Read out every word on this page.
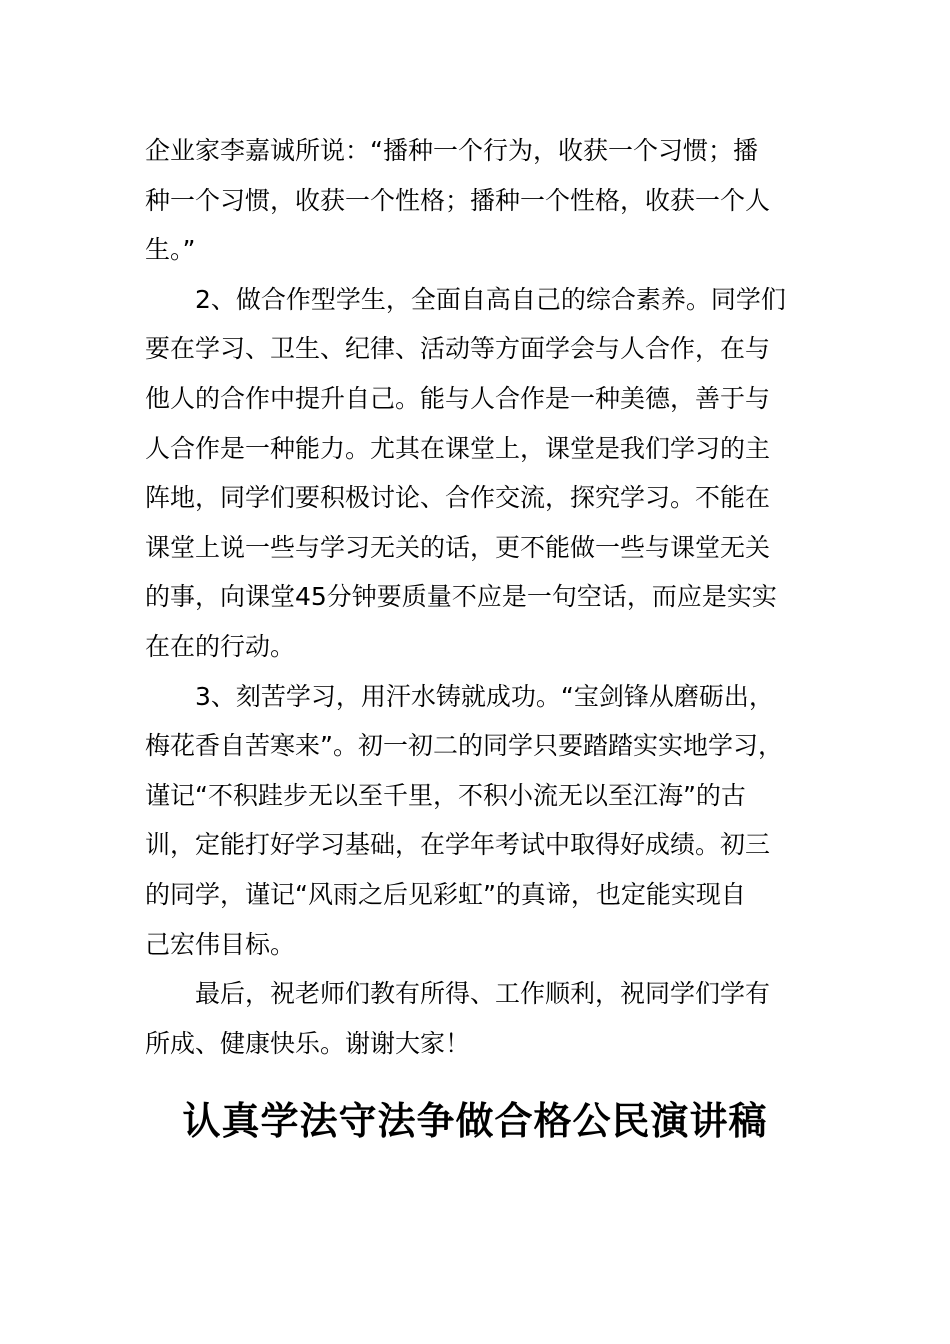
企业家李嘉诚所说：“播种一个行为，收获一个习惯；播
种一个习惯，收获一个性格；播种一个性格，收获一个人
生。”
　　2、做合作型学生，全面自高自己的综合素养。同学们
要在学习、卫生、纪律、活动等方面学会与人合作，在与
他人的合作中提升自己。能与人合作是一种美德，善于与
人合作是一种能力。尤其在课堂上，课堂是我们学习的主
阵地，同学们要积极讨论、合作交流，探究学习。不能在
课堂上说一些与学习无关的话，更不能做一些与课堂无关
的事，向课堂45分钟要质量不应是一句空话，而应是实实
在在的行动。
　　3、刻苦学习，用汗水铸就成功。“宝剑锋从磨砺出，
梅花香自苦寒来”。初一初二的同学只要踏踏实实地学习，
谨记“不积跬步无以至千里，不积小流无以至江海”的古
训，定能打好学习基础，在学年考试中取得好成绩。初三
的同学，谨记“风雨之后见彩虹”的真谛，也定能实现自
己宏伟目标。
　　最后，祝老师们教有所得、工作顺利，祝同学们学有
所成、健康快乐。谢谢大家！
认真学法守法争做合格公民演讲稿
